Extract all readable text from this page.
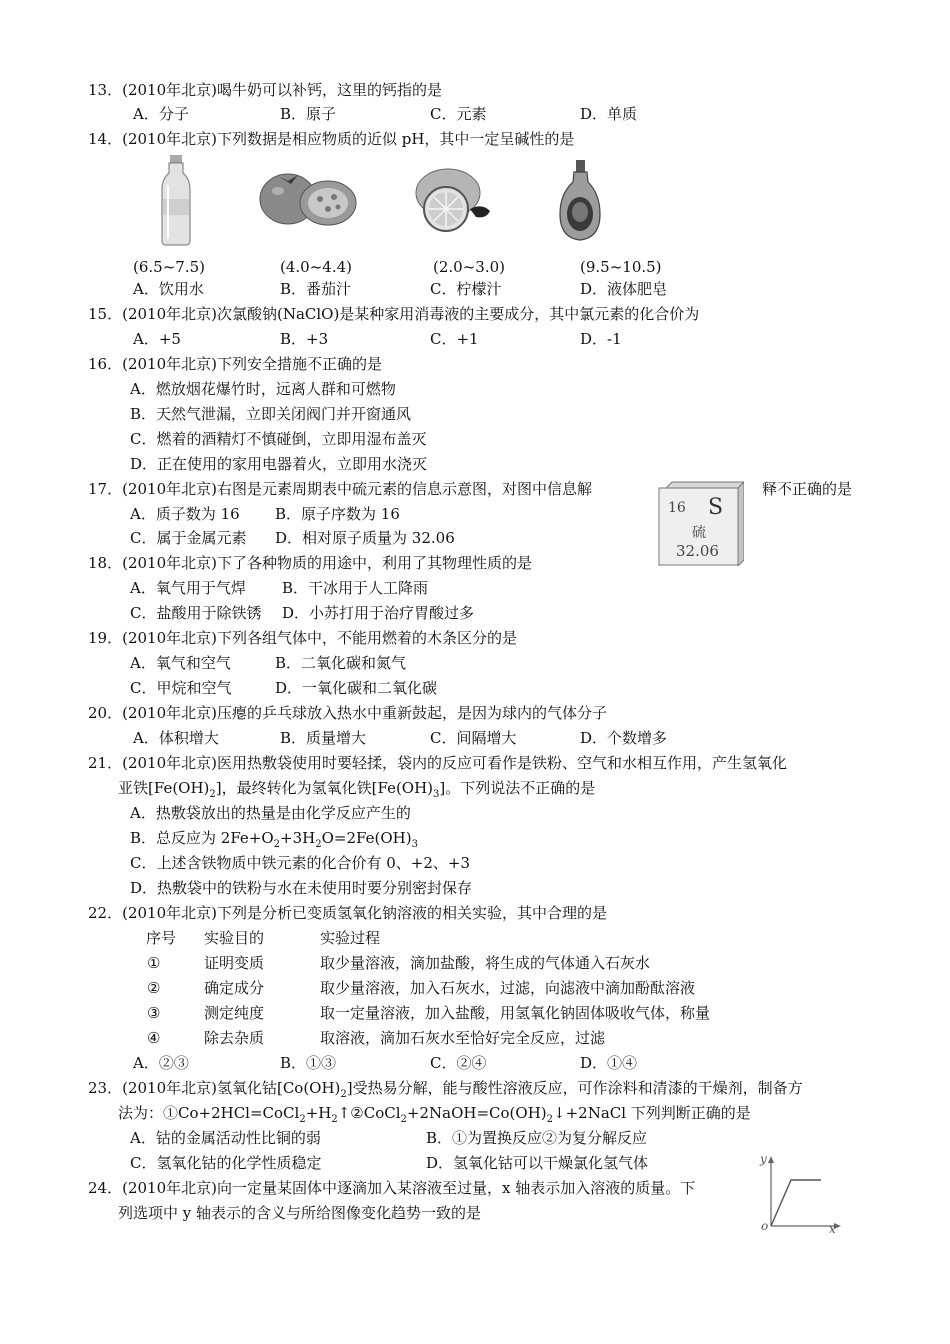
13．(2010年北京)喝牛奶可以补钙，这里的钙指的是
A．分子	B．原子	C．元素	D．单质
14．(2010年北京)下列数据是相应物质的近似 pH，其中一定呈碱性的是
(6.5~7.5)	(4.0~4.4)	(2.0~3.0)	(9.5~10.5)
A．饮用水	B．番茄汁	C．柠檬汁	D．液体肥皂
15．(2010年北京)次氯酸钠(NaClO)是某种家用消毒液的主要成分，其中氯元素的化合价为
A．+5	B．+3	C．+1	D．-1
16．(2010年北京)下列安全措施不正确的是
A．燃放烟花爆竹时，远离人群和可燃物
B．天然气泄漏，立即关闭阀门并开窗通风
C．燃着的酒精灯不慎碰倒，立即用湿布盖灭
D．正在使用的家用电器着火，立即用水浇灭
17．(2010年北京)右图是元素周期表中硫元素的信息示意图，对图中信息解	释不正确的是
A．质子数为 16 B．原子序数为 16
C．属于金属元素 D．相对原子质量为 32.06
16 S
硫
32.06
18．(2010年北京)下了各种物质的用途中，利用了其物理性质的是
A．氧气用于气焊 B．干冰用于人工降雨
C．盐酸用于除铁锈 D．小苏打用于治疗胃酸过多
19．(2010年北京)下列各组气体中，不能用燃着的木条区分的是
A．氧气和空气	B．二氧化碳和氮气
C．甲烷和空气	D．一氧化碳和二氧化碳
20．(2010年北京)压瘪的乒乓球放入热水中重新鼓起，是因为球内的气体分子
A．体积增大	B．质量增大	C．间隔增大	D．个数增多
21．(2010年北京)医用热敷袋使用时要轻揉，袋内的反应可看作是铁粉、空气和水相互作用，产生氢氧化
亚铁$[Fe(OH)_2]$，最终转化为氢氧化铁$[Fe(OH)_3]$。下列说法不正确的是
A．热敷袋放出的热量是由化学反应产生的
B．总反应为 $2Fe+O_2+3H_2O=2Fe(OH)_3$
C．上述含铁物质中铁元素的化合价有 0、+2、+3
D．热敷袋中的铁粉与水在未使用时要分别密封保存
22．(2010年北京)下列是分析已变质氢氧化钠溶液的相关实验，其中合理的是
序号 实验目的	实验过程
①	证明变质	取少量溶液，滴加盐酸，将生成的气体通入石灰水
②	确定成分	取少量溶液，加入石灰水，过滤，向滤液中滴加酚酞溶液
③	测定纯度	取一定量溶液，加入盐酸，用氢氧化钠固体吸收气体，称量
④	除去杂质	取溶液，滴加石灰水至恰好完全反应，过滤
A．②③	B．①③	C．②④	D．①④
23．(2010年北京)氢氧化钴$[Co(OH)_2]$受热易分解，能与酸性溶液反应，可作涂料和清漆的干燥剂，制备方
法为：$①Co+2HCl=CoCl_2+H_2↑②CoCl_2+2NaOH=Co(OH)_2↓+2NaCl$ 下列判断正确的是
A．钴的金属活动性比铜的弱	B．①为置换反应②为复分解反应
C．氢氧化钴的化学性质稳定	D．氢氧化钴可以干燥氯化氢气体
24．(2010年北京)向一定量某固体中逐滴加入某溶液至过量，x 轴表示加入溶液的质量。下
列选项中 y 轴表示的含义与所给图像变化趋势一致的是
y
o	x
